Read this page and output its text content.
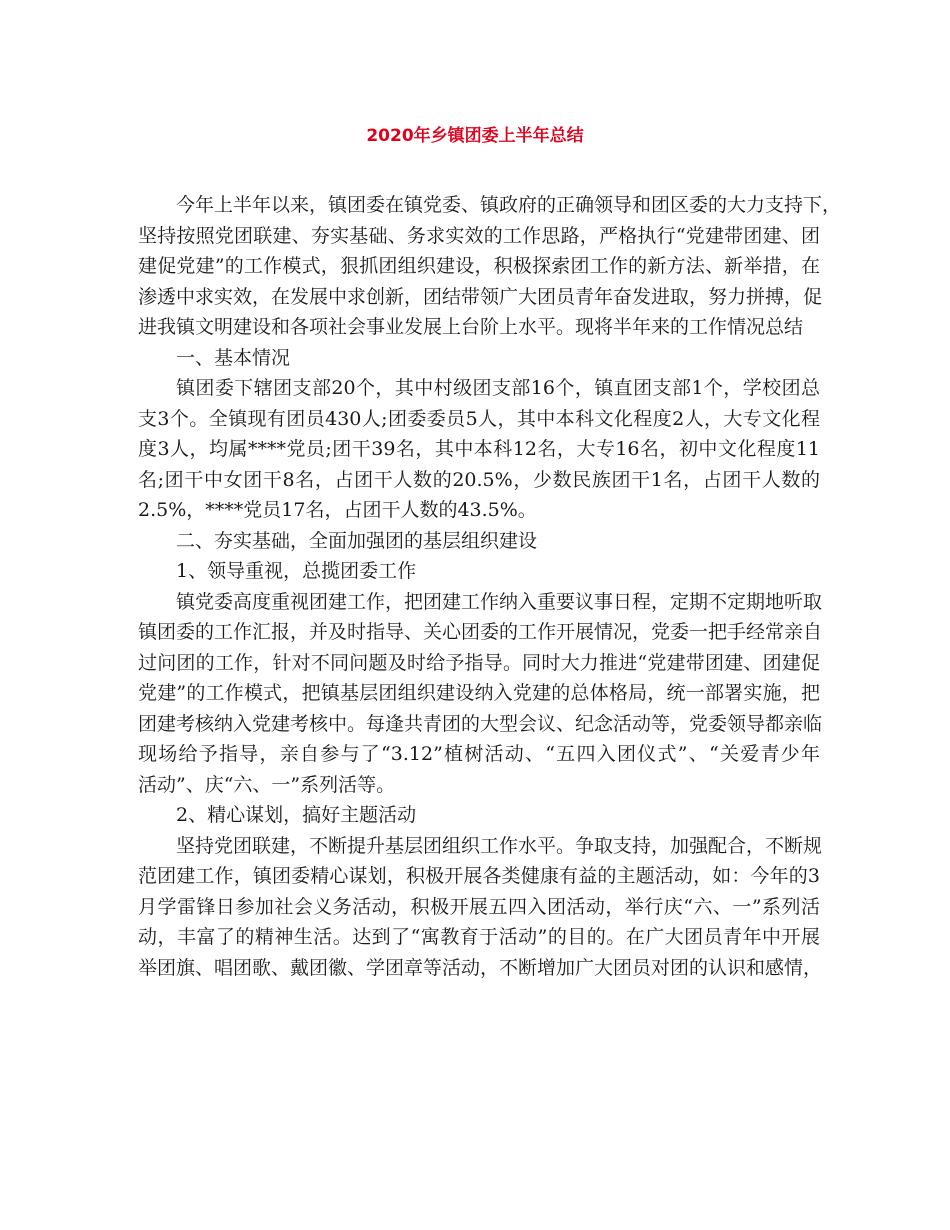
2020年乡镇团委上半年总结
今年上半年以来，镇团委在镇党委、镇政府的正确领导和团区委的大力支持下，
坚持按照党团联建、夯实基础、务求实效的工作思路，严格执行“党建带团建、团
建促党建”的工作模式，狠抓团组织建设，积极探索团工作的新方法、新举措，在
渗透中求实效，在发展中求创新，团结带领广大团员青年奋发进取，努力拼搏，促
进我镇文明建设和各项社会事业发展上台阶上水平。现将半年来的工作情况总结
一、基本情况
镇团委下辖团支部20个，其中村级团支部16个，镇直团支部1个，学校团总
支3个。全镇现有团员430人;团委委员5人，其中本科文化程度2人，大专文化程
度3人，均属****党员;团干39名，其中本科12名，大专16名，初中文化程度11
名;团干中女团干8名，占团干人数的20.5%，少数民族团干1名，占团干人数的
2.5%，****党员17名，占团干人数的43.5%。
二、夯实基础，全面加强团的基层组织建设
1、领导重视，总揽团委工作
镇党委高度重视团建工作，把团建工作纳入重要议事日程，定期不定期地听取
镇团委的工作汇报，并及时指导、关心团委的工作开展情况，党委一把手经常亲自
过问团的工作，针对不同问题及时给予指导。同时大力推进“党建带团建、团建促
党建”的工作模式，把镇基层团组织建设纳入党建的总体格局，统一部署实施，把
团建考核纳入党建考核中。每逢共青团的大型会议、纪念活动等，党委领导都亲临
现场给予指导，亲自参与了“3.12”植树活动、“五四入团仪式”、“关爱青少年
活动”、庆“六、一”系列活等。
2、精心谋划，搞好主题活动
坚持党团联建，不断提升基层团组织工作水平。争取支持，加强配合，不断规
范团建工作，镇团委精心谋划，积极开展各类健康有益的主题活动，如：今年的3
月学雷锋日参加社会义务活动，积极开展五四入团活动，举行庆“六、一”系列活
动，丰富了的精神生活。达到了“寓教育于活动”的目的。在广大团员青年中开展
举团旗、唱团歌、戴团徽、学团章等活动，不断增加广大团员对团的认识和感情，
